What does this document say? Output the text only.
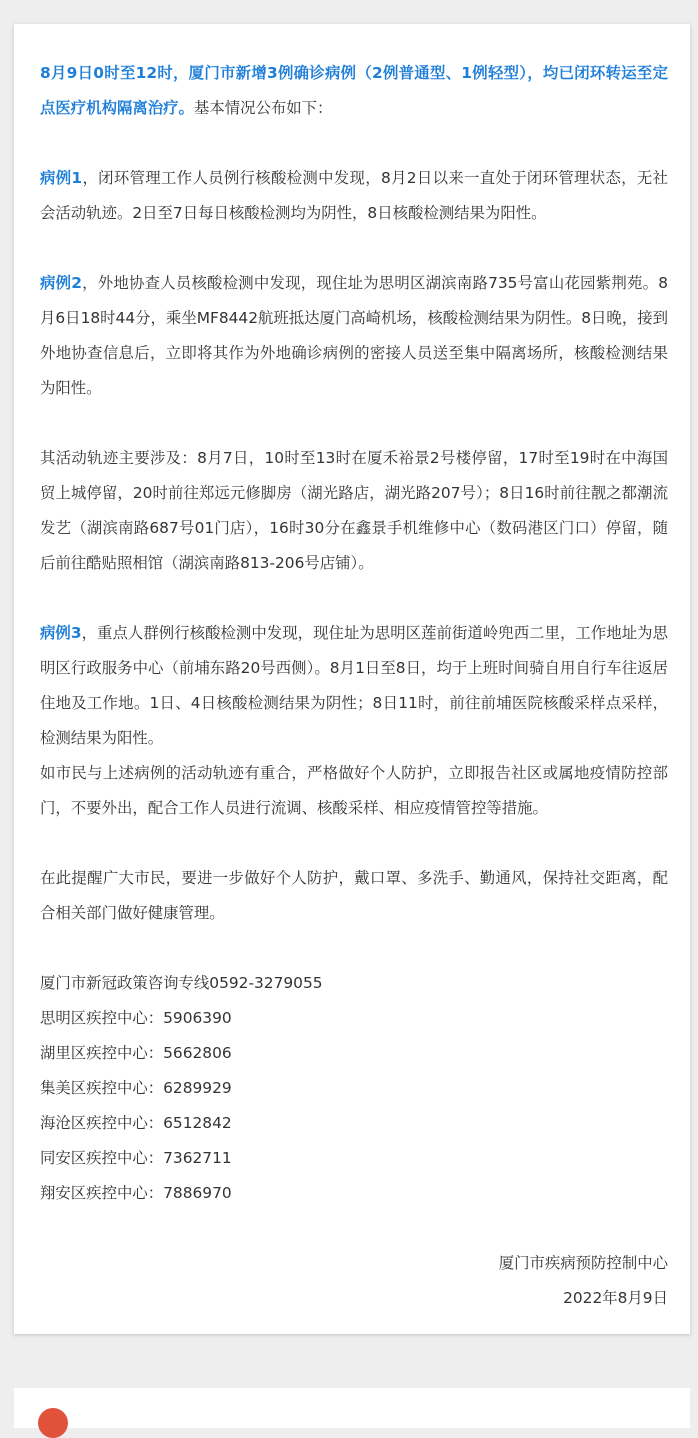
8月9日0时至12时，厦门市新增3例确诊病例（2例普通型、1例轻型），均已闭环转运至定点医疗机构隔离治疗。基本情况公布如下：

病例1，闭环管理工作人员例行核酸检测中发现，8月2日以来一直处于闭环管理状态，无社会活动轨迹。2日至7日每日核酸检测均为阴性，8日核酸检测结果为阳性。

病例2，外地协查人员核酸检测中发现，现住址为思明区湖滨南路735号富山花园紫荆苑。8月6日18时44分，乘坐MF8442航班抵达厦门高崎机场，核酸检测结果为阴性。8日晚，接到外地协查信息后，立即将其作为外地确诊病例的密接人员送至集中隔离场所，核酸检测结果为阳性。

其活动轨迹主要涉及：8月7日，10时至13时在厦禾裕景2号楼停留，17时至19时在中海国贸上城停留，20时前往郑远元修脚房（湖光路店，湖光路207号）；8日16时前往靓之都潮流发艺（湖滨南路687号01门店），16时30分在鑫景手机维修中心（数码港区门口）停留，随后前往酷贴照相馆（湖滨南路813-206号店铺）。

病例3，重点人群例行核酸检测中发现，现住址为思明区莲前街道岭兜西二里，工作地址为思明区行政服务中心（前埔东路20号西侧）。8月1日至8日，均于上班时间骑自用自行车往返居住地及工作地。1日、4日核酸检测结果为阴性；8日11时，前往前埔医院核酸采样点采样，检测结果为阳性。

如市民与上述病例的活动轨迹有重合，严格做好个人防护，立即报告社区或属地疫情防控部门，不要外出，配合工作人员进行流调、核酸采样、相应疫情管控等措施。

在此提醒广大市民，要进一步做好个人防护，戴口罩、多洗手、勤通风，保持社交距离，配合相关部门做好健康管理。

厦门市新冠政策咨询专线0592-3279055

思明区疾控中心：5906390

湖里区疾控中心：5662806

集美区疾控中心：6289929

海沧区疾控中心：6512842

同安区疾控中心：7362711

翔安区疾控中心：7886970

厦门市疾病预防控制中心

2022年8月9日
